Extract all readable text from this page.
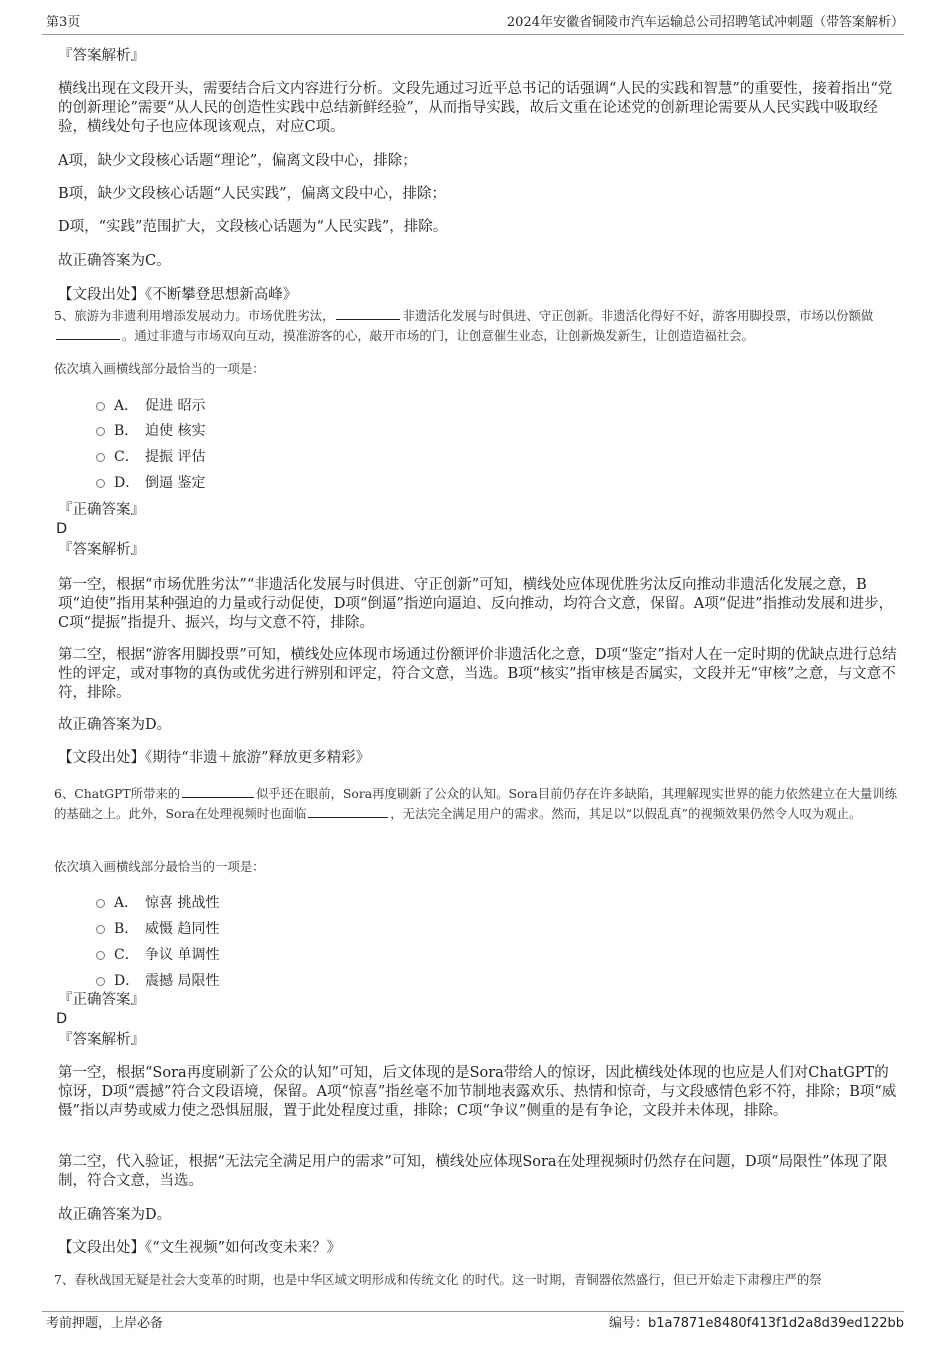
第3页	2024年安徽省铜陵市汽车运输总公司招聘笔试冲刺题（带答案解析）
『答案解析』
横线出现在文段开头，需要结合后文内容进行分析。文段先通过习近平总书记的话强调“人民的实践和智慧”的重要性，接着指出“党的创新理论”需要“从人民的创造性实践中总结新鲜经验”，从而指导实践，故后文重在论述党的创新理论需要从人民实践中吸取经验，横线处句子也应体现该观点，对应C项。
A项，缺少文段核心话题“理论”，偏离文段中心，排除；
B项，缺少文段核心话题“人民实践”，偏离文段中心，排除；
D项，“实践”范围扩大，文段核心话题为“人民实践”，排除。
故正确答案为C。
【文段出处】《不断攀登思想新高峰》
5、旅游为非遗利用增添发展动力。市场优胜劣汰，	非遗活化发展与时俱进、守正创新。非遗活化得好不好，游客用脚投票，市场以份额做。通过非遗与市场双向互动，摸准游客的心，敲开市场的门，让创意催生业态，让创新焕发新生，让创造造福社会。
依次填入画横线部分最恰当的一项是：
A． 促进 昭示
B． 迫使 核实
C． 提振 评估
D． 倒逼 鉴定
『正确答案』
D
『答案解析』
第一空，根据“市场优胜劣汰”“非遗活化发展与时俱进、守正创新”可知，横线处应体现优胜劣汰反向推动非遗活化发展之意，B项“迫使”指用某种强迫的力量或行动促使，D项“倒逼”指逆向逼迫、反向推动，均符合文意，保留。A项“促进”指推动发展和进步，C项“提振”指提升、振兴，均与文意不符，排除。
第二空，根据“游客用脚投票”可知，横线处应体现市场通过份额评价非遗活化之意，D项“鉴定”指对人在一定时期的优缺点进行总结性的评定，或对事物的真伪或优劣进行辨别和评定，符合文意，当选。B项“核实”指审核是否属实，文段并无“审核”之意，与文意不符，排除。
故正确答案为D。
【文段出处】《期待“非遗＋旅游”释放更多精彩》
6、ChatGPT所带来的	似乎还在眼前，Sora再度刷新了公众的认知。Sora目前仍存在许多缺陷，其理解现实世界的能力依然建立在大量训练的基础之上。此外，Sora在处理视频时也面临	，无法完全满足用户的需求。然而，其足以“以假乱真”的视频效果仍然令人叹为观止。
依次填入画横线部分最恰当的一项是：
A． 惊喜 挑战性
B． 威慑 趋同性
C． 争议 单调性
D． 震撼 局限性
『正确答案』
D
『答案解析』
第一空，根据“Sora再度刷新了公众的认知”可知，后文体现的是Sora带给人的惊讶，因此横线处体现的也应是人们对ChatGPT的惊讶，D项“震撼”符合文段语境，保留。A项“惊喜”指丝毫不加节制地表露欢乐、热情和惊奇，与文段感情色彩不符，排除；B项“威慑”指以声势或威力使之恐惧屈服，置于此处程度过重，排除；C项“争议”侧重的是有争论，文段并未体现，排除。
第二空，代入验证，根据“无法完全满足用户的需求”可知，横线处应体现Sora在处理视频时仍然存在问题，D项“局限性”体现了限制，符合文意，当选。
故正确答案为D。
【文段出处】《“文生视频”如何改变未来？》
7、春秋战国无疑是社会大变革的时期，也是中华区域文明形成和传统文化 的时代。这一时期，青铜器依然盛行，但已开始走下肃穆庄严的祭
考前押题，上岸必备	编号：b1a7871e8480f413f1d2a8d39ed122bb
